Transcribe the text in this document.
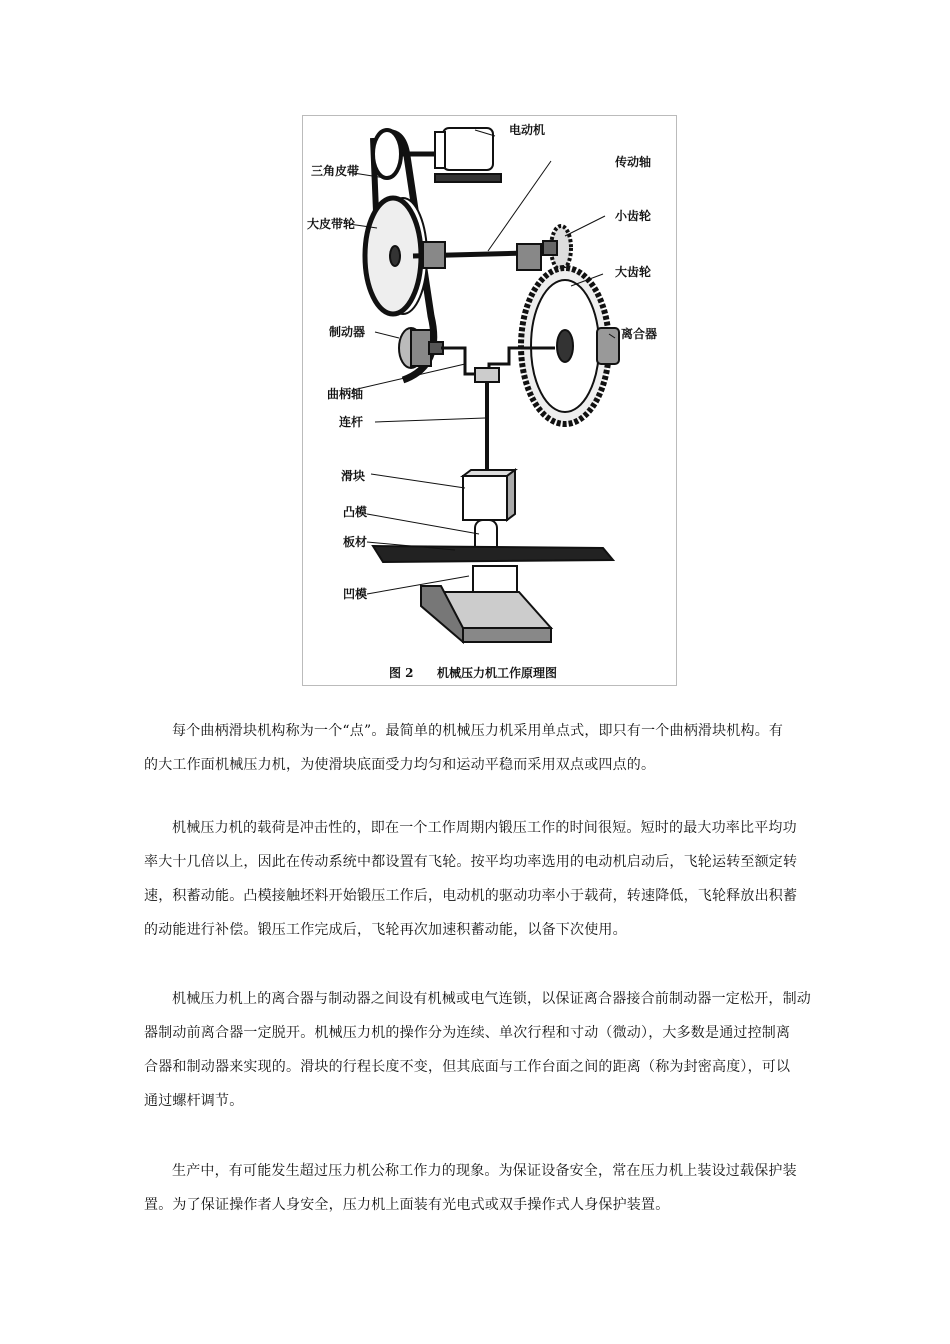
电动机
三角皮带
传动轴
小齿轮
大皮带轮
大齿轮
制动器	离合器
曲柄轴
连杆
滑块
凸模
板材
凹模
图 2 机械压力机工作原理图
每个曲柄滑块机构称为一个“点”。最简单的机械压力机采用单点式，即只有一个曲柄滑块机构。有
的大工作面机械压力机，为使滑块底面受力均匀和运动平稳而采用双点或四点的。
机械压力机的载荷是冲击性的，即在一个工作周期内锻压工作的时间很短。短时的最大功率比平均功
率大十几倍以上，因此在传动系统中都设置有飞轮。按平均功率选用的电动机启动后，飞轮运转至额定转
速，积蓄动能。凸模接触坯料开始锻压工作后，电动机的驱动功率小于载荷，转速降低，飞轮释放出积蓄
的动能进行补偿。锻压工作完成后，飞轮再次加速积蓄动能，以备下次使用。
机械压力机上的离合器与制动器之间设有机械或电气连锁，以保证离合器接合前制动器一定松开，制动
器制动前离合器一定脱开。机械压力机的操作分为连续、单次行程和寸动（微动），大多数是通过控制离
合器和制动器来实现的。滑块的行程长度不变，但其底面与工作台面之间的距离（称为封密高度），可以
通过螺杆调节。
生产中，有可能发生超过压力机公称工作力的现象。为保证设备安全，常在压力机上装设过载保护装
置。为了保证操作者人身安全，压力机上面装有光电式或双手操作式人身保护装置。
